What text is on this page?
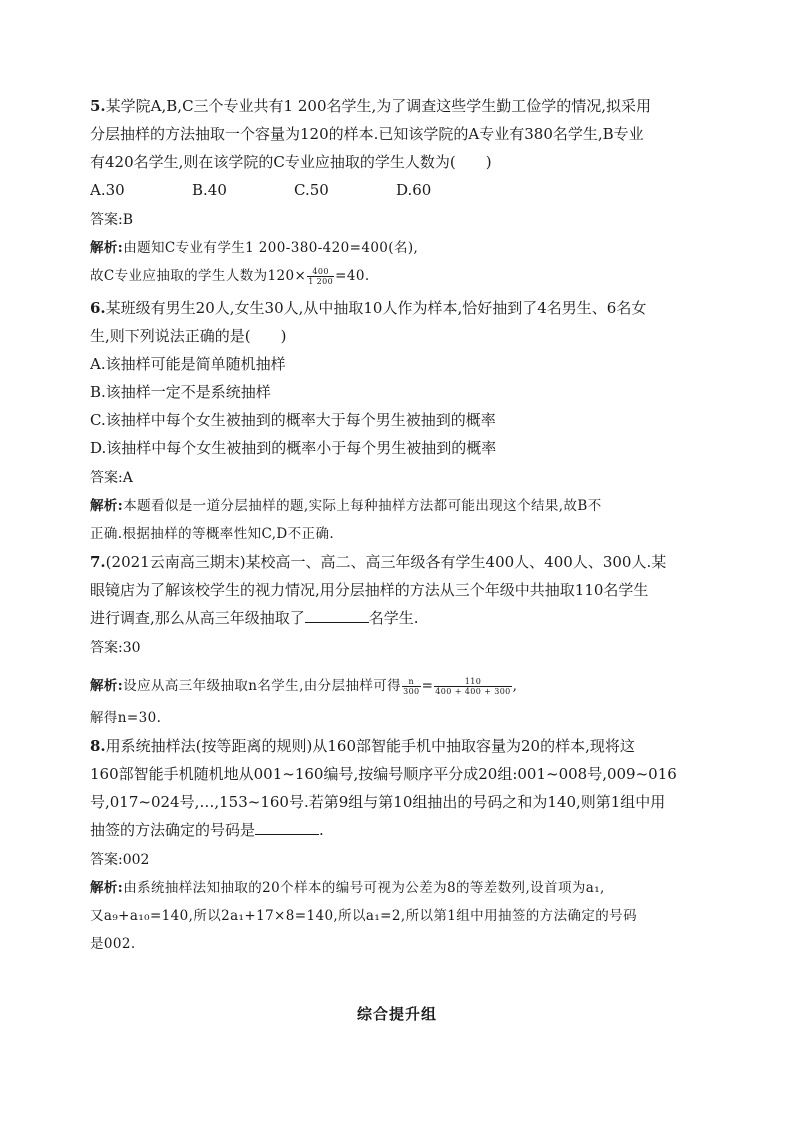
5.某学院A,B,C三个专业共有1 200名学生,为了调查这些学生勤工俭学的情况,拟采用
分层抽样的方法抽取一个容量为120的样本.已知该学院的A专业有380名学生,B专业
有420名学生,则在该学院的C专业应抽取的学生人数为(　　)
A.30	B.40	C.50	D.60
答案:B
解析:由题知C专业有学生1 200-380-420=400(名),
故C专业应抽取的学生人数为$120\times \frac{400}{1 200} =40$.
6.某班级有男生20人,女生30人,从中抽取10人作为样本,恰好抽到了4名男生、6名女
生,则下列说法正确的是(　　)
A.该抽样可能是简单随机抽样
B.该抽样一定不是系统抽样
C.该抽样中每个女生被抽到的概率大于每个男生被抽到的概率
D.该抽样中每个女生被抽到的概率小于每个男生被抽到的概率
答案:A
解析:本题看似是一道分层抽样的题,实际上每种抽样方法都可能出现这个结果,故B不
正确.根据抽样的等概率性知C,D不正确.
7.(2021云南高三期末)某校高一、高二、高三年级各有学生400人、400人、300人.某
眼镜店为了解该校学生的视力情况,用分层抽样的方法从三个年级中共抽取110名学生
进行调查,那么从高三年级抽取了	名学生.
答案:30
解析:设应从高三年级抽取n名学生,由分层抽样可得 $\frac{n}{300} = \frac{110}{400 + 400 + 300}$ ,
解得n=30.
8.用系统抽样法(按等距离的规则)从160部智能手机中抽取容量为20的样本,现将这
160部智能手机随机地从001~160编号,按编号顺序平分成20组:001~008号,009~016
号,017~024号,…,153~160号.若第9组与第10组抽出的号码之和为140,则第1组中用
抽签的方法确定的号码是	.
答案:002
解析:由系统抽样法知抽取的20个样本的编号可视为公差为8的等差数列,设首项为a₁,
又a₉+a₁₀=140,所以2a₁+17×8=140,所以a₁=2,所以第1组中用抽签的方法确定的号码
是002.
综合提升组
